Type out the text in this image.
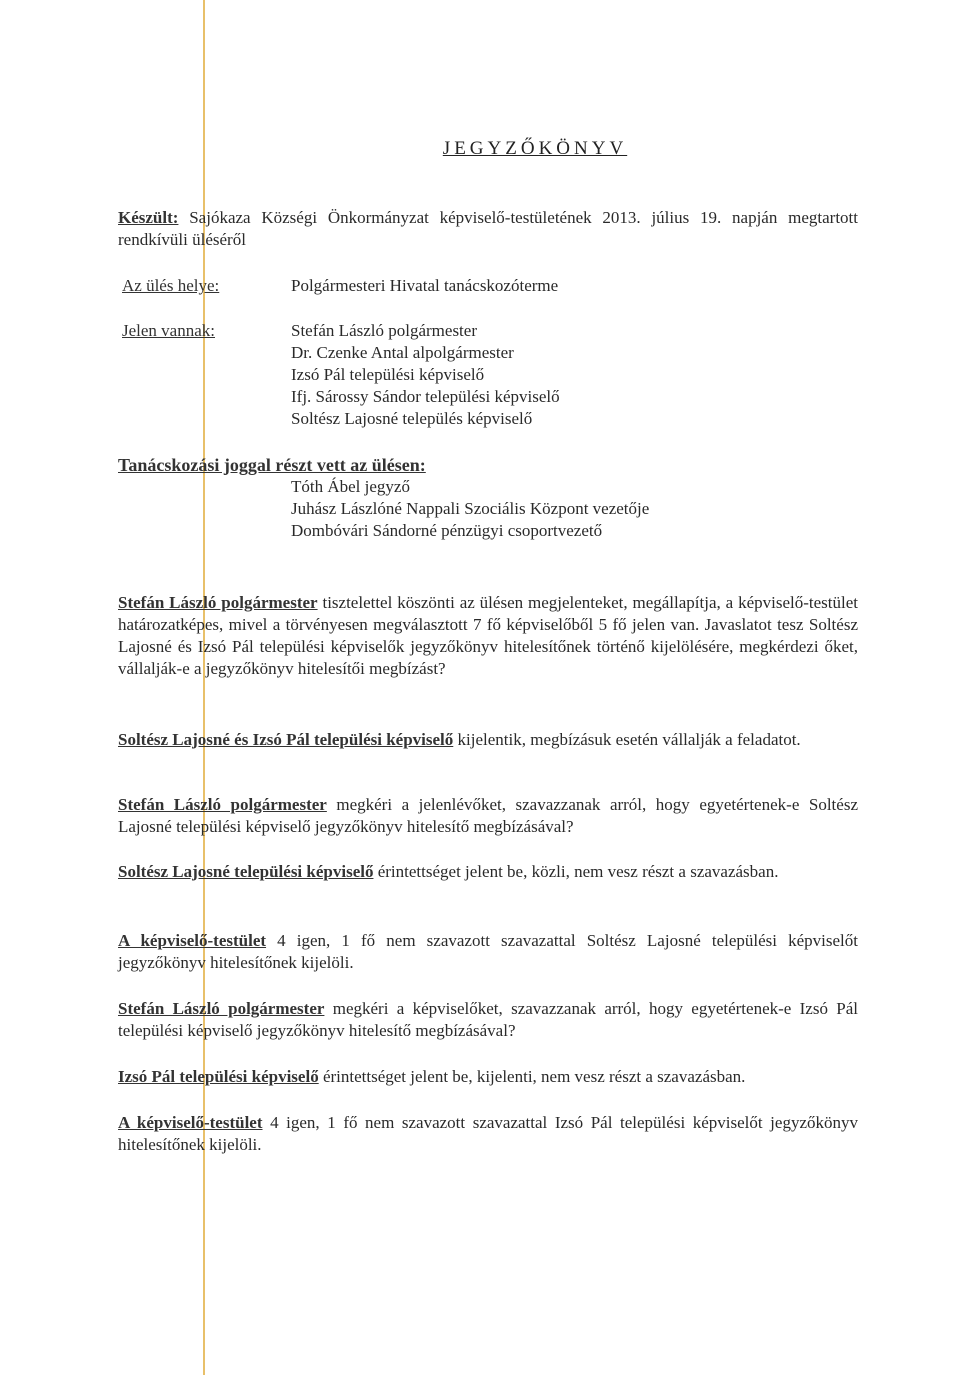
JEGYZŐKÖNYV
Készült: Sajókaza Községi Önkormányzat képviselő-testületének 2013. július 19. napján megtartott rendkívüli üléséről
Az ülés helye:	Polgármesteri Hivatal tanácskozóterme
Jelen vannak:	Stefán László polgármester
Dr. Czenke Antal alpolgármester
Izsó Pál települési képviselő
Ifj. Sárossy Sándor települési képviselő
Soltész Lajosné település képviselő
Tanácskozási joggal részt vett az ülésen:
Tóth Ábel jegyző
Juhász Lászlóné Nappali Szociális Központ vezetője
Dombóvári Sándorné pénzügyi csoportvezető
Stefán László polgármester tisztelettel köszönti az ülésen megjelenteket, megállapítja, a képviselő-testület határozatképes, mivel a törvényesen megválasztott 7 fő képviselőből 5 fő jelen van. Javaslatot tesz Soltész Lajosné és Izsó Pál települési képviselők jegyzőkönyv hitelesítőnek történő kijelölésére, megkérdezi őket, vállalják-e a jegyzőkönyv hitelesítői megbízást?
Soltész Lajosné és Izsó Pál települési képviselő kijelentik, megbízásuk esetén vállalják a feladatot.
Stefán László polgármester megkéri a jelenlévőket, szavazzanak arról, hogy egyetértenek-e Soltész Lajosné települési képviselő jegyzőkönyv hitelesítő megbízásával?
Soltész Lajosné települési képviselő érintettséget jelent be, közli, nem vesz részt a szavazásban.
A képviselő-testület 4 igen, 1 fő nem szavazott szavazattal Soltész Lajosné települési képviselőt jegyzőkönyv hitelesítőnek kijelöli.
Stefán László polgármester megkéri a képviselőket, szavazzanak arról, hogy egyetértenek-e Izsó Pál települési képviselő jegyzőkönyv hitelesítő megbízásával?
Izsó Pál települési képviselő érintettséget jelent be, kijelenti, nem vesz részt a szavazásban.
A képviselő-testület 4 igen, 1 fő nem szavazott szavazattal Izsó Pál települési képviselőt jegyzőkönyv hitelesítőnek kijelöli.
